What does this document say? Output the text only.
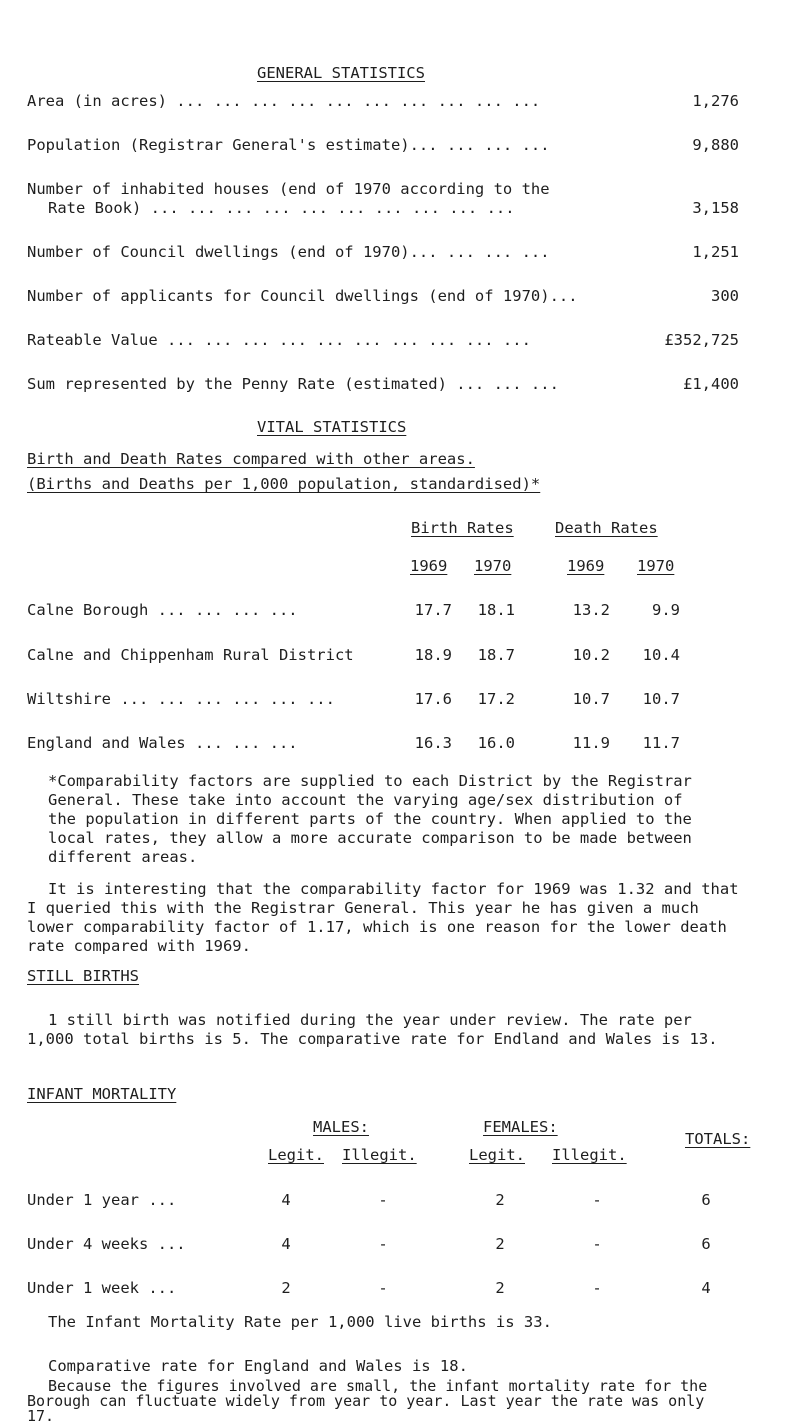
GENERAL STATISTICS
Area (in acres) ... ... ... ... ... ... ... ... ... ...	1,276
Population (Registrar General's estimate)... ... ... ...	9,880
Number of inhabited houses (end of 1970 according to the
Rate Book) ... ... ... ... ... ... ... ... ... ...	3,158
Number of Council dwellings (end of 1970)... ... ... ...	1,251
Number of applicants for Council dwellings (end of 1970)...	300
Rateable Value ... ... ... ... ... ... ... ... ... ...	£352,725
Sum represented by the Penny Rate (estimated) ... ... ...	£1,400
VITAL STATISTICS
Birth and Death Rates compared with other areas.
(Births and Deaths per 1,000 population, standardised)*
Birth Rates	Death Rates
1969 1970	1969 1970
Calne Borough ... ... ... ...	17.7	18.1	13.2	9.9
Calne and Chippenham Rural District	18.9	18.7	10.2	10.4
Wiltshire ... ... ... ... ... ...	17.6	17.2	10.7	10.7
England and Wales ... ... ...	16.3	16.0	11.9	11.7
*Comparability factors are supplied to each District by the Registrar General. These take into account the varying age/sex distribution of the population in different parts of the country. When applied to the local rates, they allow a more accurate comparison to be made between different areas.
It is interesting that the comparability factor for 1969 was 1.32 and that I queried this with the Registrar General. This year he has given a much lower comparability factor of 1.17, which is one reason for the lower death rate compared with 1969.
STILL BIRTHS
1 still birth was notified during the year under review. The rate per 1,000 total births is 5. The comparative rate for Endland and Wales is 13.
INFANT MORTALITY
MALES:	FEMALES:
TOTALS:
Legit. Illegit.	Legit. Illegit.
Under 1 year ...	4	-	2	-	6
Under 4 weeks ...	4	-	2	-	6
Under 1 week ...	2	-	2	-	4
The Infant Mortality Rate per 1,000 live births is 33.
Comparative rate for England and Wales is 18.
Because the figures involved are small, the infant mortality rate for the Borough can fluctuate widely from year to year. Last year the rate was only 17.
